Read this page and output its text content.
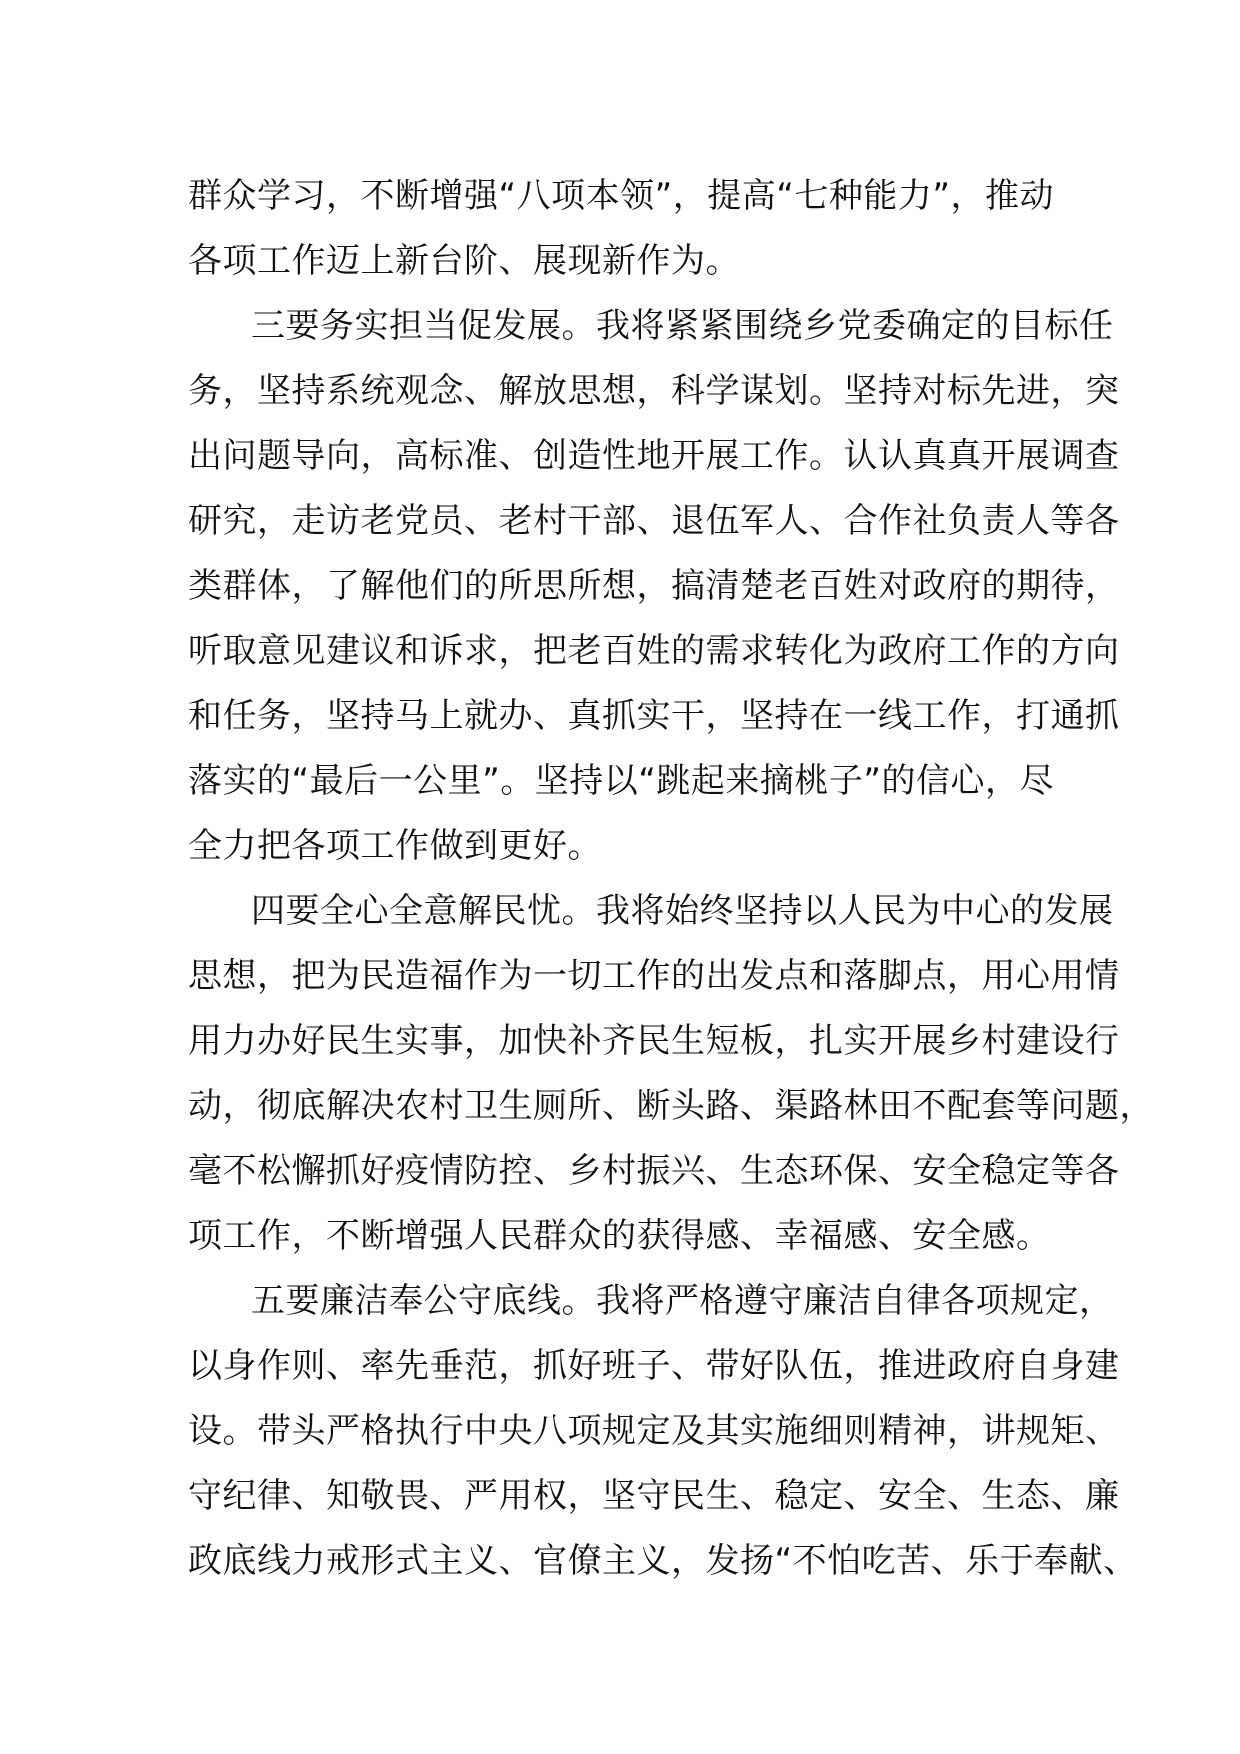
群众学习，不断增强“八项本领”，提高“七种能力”，推动
各项工作迈上新台阶、展现新作为。
三要务实担当促发展。我将紧紧围绕乡党委确定的目标任
务，坚持系统观念、解放思想，科学谋划。坚持对标先进，突
出问题导向，高标准、创造性地开展工作。认认真真开展调查
研究，走访老党员、老村干部、退伍军人、合作社负责人等各
类群体，了解他们的所思所想，搞清楚老百姓对政府的期待，
听取意见建议和诉求，把老百姓的需求转化为政府工作的方向
和任务，坚持马上就办、真抓实干，坚持在一线工作，打通抓
落实的“最后一公里”。坚持以“跳起来摘桃子”的信心，尽
全力把各项工作做到更好。
四要全心全意解民忧。我将始终坚持以人民为中心的发展
思想，把为民造福作为一切工作的出发点和落脚点，用心用情
用力办好民生实事，加快补齐民生短板，扎实开展乡村建设行
动，彻底解决农村卫生厕所、断头路、渠路林田不配套等问题，
毫不松懈抓好疫情防控、乡村振兴、生态环保、安全稳定等各
项工作，不断增强人民群众的获得感、幸福感、安全感。
五要廉洁奉公守底线。我将严格遵守廉洁自律各项规定，
以身作则、率先垂范，抓好班子、带好队伍，推进政府自身建
设。带头严格执行中央八项规定及其实施细则精神，讲规矩、
守纪律、知敬畏、严用权，坚守民生、稳定、安全、生态、廉
政底线力戒形式主义、官僚主义，发扬“不怕吃苦、乐于奉献、
